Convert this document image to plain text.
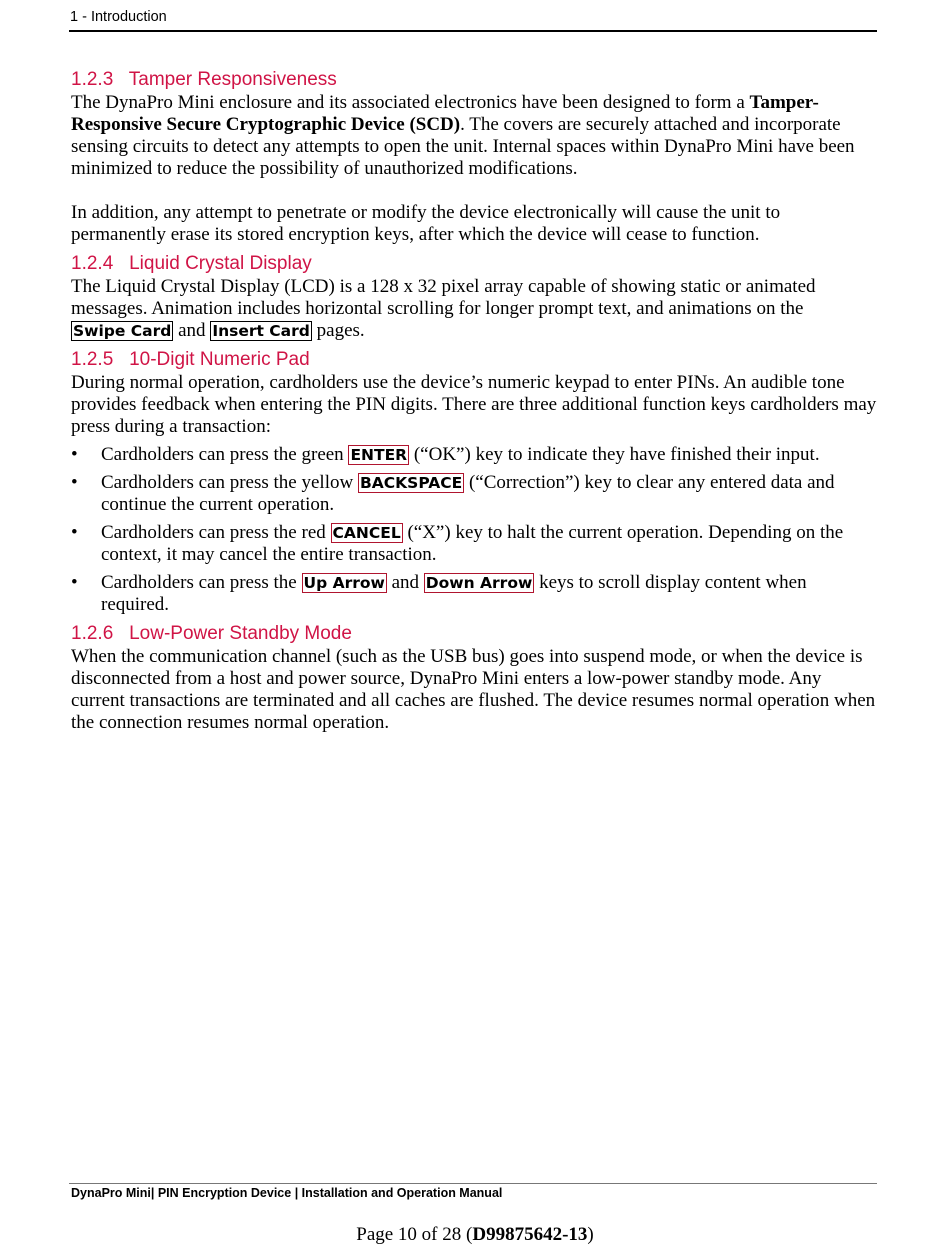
1 - Introduction
1.2.3   Tamper Responsiveness

The DynaPro Mini enclosure and its associated electronics have been designed to form a Tamper-Responsive Secure Cryptographic Device (SCD). The covers are securely attached and incorporate sensing circuits to detect any attempts to open the unit. Internal spaces within DynaPro Mini have been minimized to reduce the possibility of unauthorized modifications.

In addition, any attempt to penetrate or modify the device electronically will cause the unit to permanently erase its stored encryption keys, after which the device will cease to function.

1.2.4   Liquid Crystal Display

The Liquid Crystal Display (LCD) is a 128 x 32 pixel array capable of showing static or animated messages. Animation includes horizontal scrolling for longer prompt text, and animations on the Swipe Card and Insert Card pages.

1.2.5   10-Digit Numeric Pad

During normal operation, cardholders use the device’s numeric keypad to enter PINs. An audible tone provides feedback when entering the PIN digits. There are three additional function keys cardholders may press during a transaction:

• Cardholders can press the green ENTER (“OK”) key to indicate they have finished their input.
• Cardholders can press the yellow BACKSPACE (“Correction”) key to clear any entered data and continue the current operation.
• Cardholders can press the red CANCEL (“X”) key to halt the current operation. Depending on the context, it may cancel the entire transaction.
• Cardholders can press the Up Arrow and Down Arrow keys to scroll display content when required.
1.2.6   Low-Power Standby Mode

When the communication channel (such as the USB bus) goes into suspend mode, or when the device is disconnected from a host and power source, DynaPro Mini enters a low-power standby mode. Any current transactions are terminated and all caches are flushed. The device resumes normal operation when the connection resumes normal operation.

DynaPro Mini| PIN Encryption Device | Installation and Operation Manual
Page 10 of 28 (D99875642-13)
